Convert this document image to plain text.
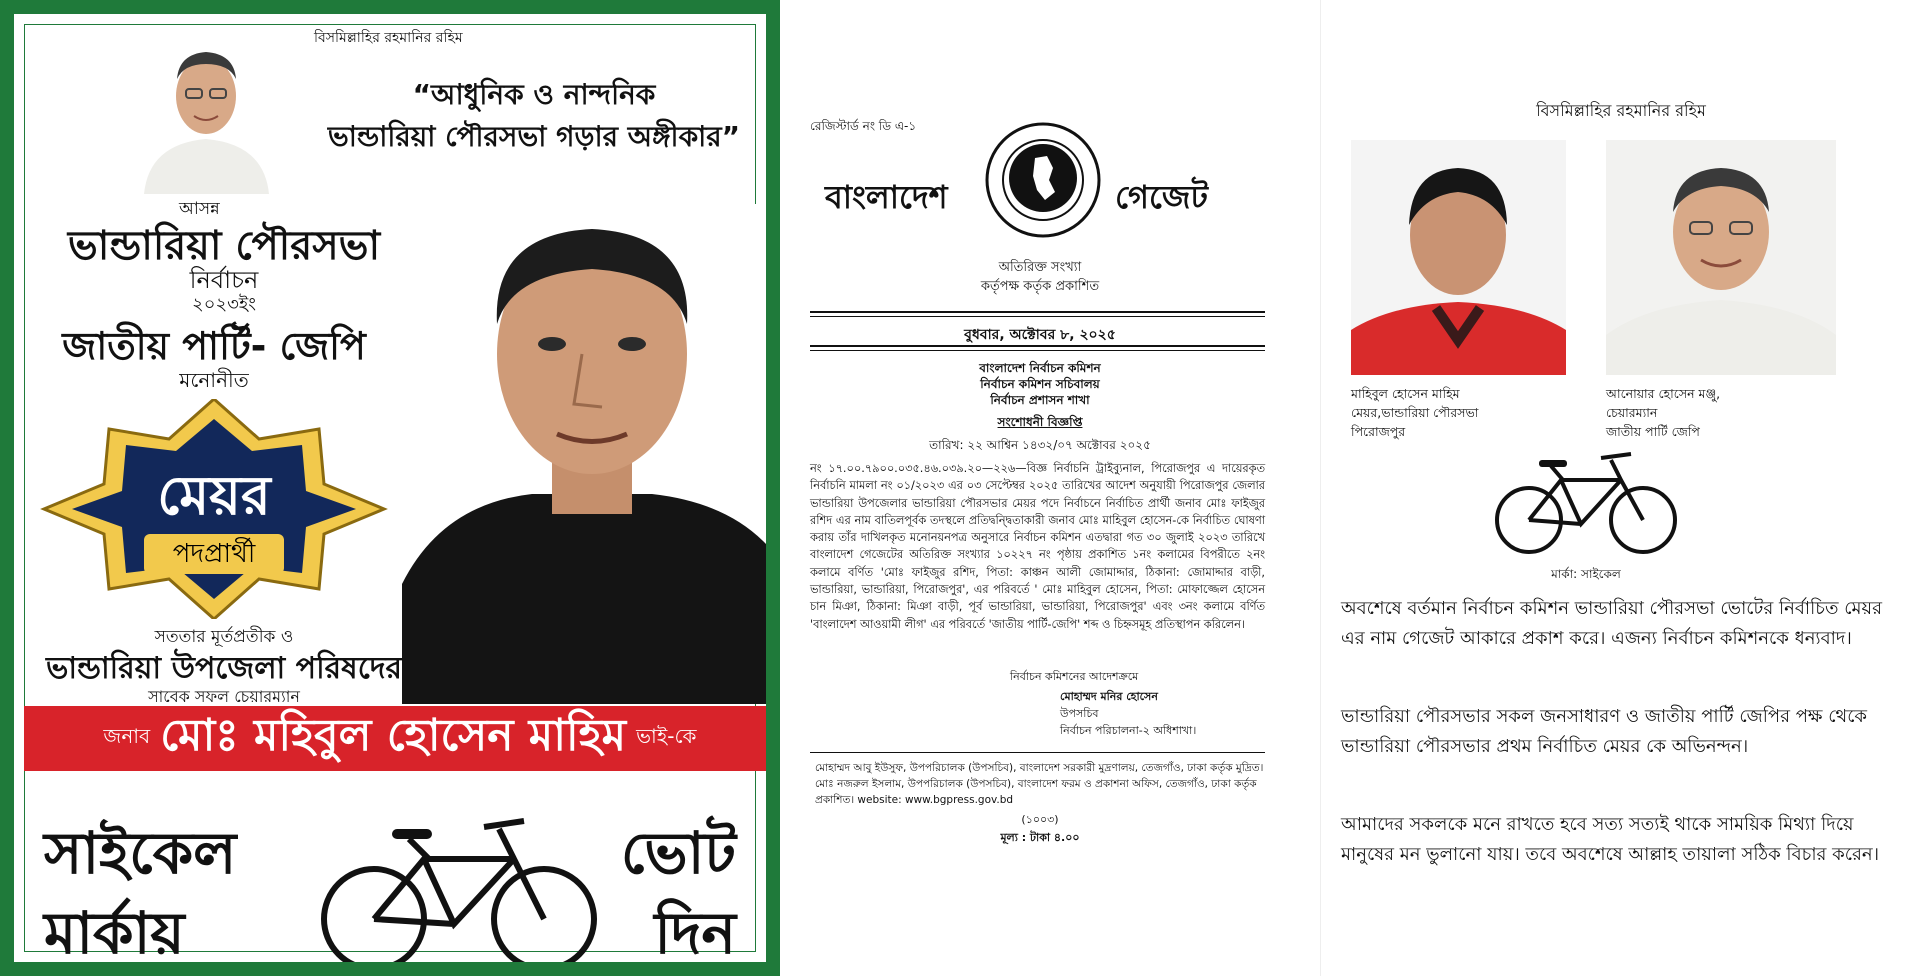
বিসমিল্লাহির রহমানির রহিম
“আধুনিক ও নান্দনিক
ভান্ডারিয়া পৌরসভা গড়ার অঙ্গীকার”
আসন্ন
ভান্ডারিয়া পৌরসভা
নির্বাচন
২০২৩ইং
জাতীয় পার্টি- জেপি
মনোনীত
মেয়র
পদপ্রার্থী
সততার মূর্তপ্রতীক ও
ভান্ডারিয়া উপজেলা পরিষদের
সাবেক সফল চেয়ারম্যান
জনাব মোঃ মহিবুল হোসেন মাহিম ভাই-কে
সাইকেল
মার্কায়
ভোট
দিন
রেজিস্টার্ড নং ডি এ-১
বাংলাদেশ	গেজেট
অতিরিক্ত সংখ্যা
কর্তৃপক্ষ কর্তৃক প্রকাশিত
বুধবার, অক্টোবর ৮, ২০২৫
বাংলাদেশ নির্বাচন কমিশন
নির্বাচন কমিশন সচিবালয়
নির্বাচন প্রশাসন শাখা
সংশোধনী বিজ্ঞপ্তি
তারিখ: ২২ আশ্বিন ১৪৩২/০৭ অক্টোবর ২০২৫
নং ১৭.০০.৭৯০০.০৩৫.৪৬.০৩৯.২০—২২৬—বিজ্ঞ নির্বাচনি ট্রাইব্যুনাল, পিরোজপুর এ দায়েরকৃত নির্বাচনি মামলা নং ০১/২০২৩ এর ০৩ সেপ্টেম্বর ২০২৫ তারিখের আদেশ অনুযায়ী পিরোজপুর জেলার ভান্ডারিয়া উপজেলার ভান্ডারিয়া পৌরসভার মেয়র পদে নির্বাচনে নির্বাচিত প্রার্থী জনাব মোঃ ফাইজুর রশিদ এর নাম বাতিলপূর্বক তদস্থলে প্রতিদ্বন্দ্বিতাকারী জনাব মোঃ মাহিবুল হোসেন-কে নির্বাচিত ঘোষণা করায় তাঁর দাখিলকৃত মনোনয়নপত্র অনুসারে নির্বাচন কমিশন এতদ্বারা গত ৩০ জুলাই ২০২৩ তারিখে বাংলাদেশ গেজেটের অতিরিক্ত সংখ্যার ১০২২৭ নং পৃষ্ঠায় প্রকাশিত ১নং কলামের বিপরীতে ২নং কলামে বর্ণিত 'মোঃ ফাইজুর রশিদ, পিতা: কাঞ্চন আলী জোমাদ্দার, ঠিকানা: জোমাদ্দার বাড়ী, ভান্ডারিয়া, ভান্ডারিয়া, পিরোজপুর', এর পরিবর্তে ' মোঃ মাহিবুল হোসেন, পিতা: মোফাজ্জেল হোসেন চান মিঞা, ঠিকানা: মিঞা বাড়ী, পূর্ব ভান্ডারিয়া, ভান্ডারিয়া, পিরোজপুর' এবং ৩নং কলামে বর্ণিত 'বাংলাদেশ আওয়ামী লীগ' এর পরিবর্তে 'জাতীয় পার্টি-জেপি' শব্দ ও চিহ্নসমূহ প্রতিস্থাপন করিলেন।
নির্বাচন কমিশনের আদেশক্রমে
মোহাম্মদ মনির হোসেন
উপসচিব
নির্বাচন পরিচালনা-২ অধিশাখা।
মোহাম্মদ আবু ইউসুফ, উপপরিচালক (উপসচিব), বাংলাদেশ সরকারী মুদ্রণালয়, তেজগাঁও, ঢাকা কর্তৃক মুদ্রিত। মোঃ নজরুল ইসলাম, উপপরিচালক (উপসচিব), বাংলাদেশ ফরম ও প্রকাশনা অফিস, তেজগাঁও, ঢাকা কর্তৃক প্রকাশিত। website: www.bgpress.gov.bd
(১০০৩)
মূল্য : টাকা ৪.০০
বিসমিল্লাহির রহমানির রহিম
মাহিবুল হোসেন মাহিম
মেয়র,ভান্ডারিয়া পৌরসভা
পিরোজপুর
আনোয়ার হোসেন মঞ্জু,
চেয়ারম্যান
জাতীয় পার্টি জেপি
মার্কা: সাইকেল
অবশেষে বর্তমান নির্বাচন কমিশন ভান্ডারিয়া পৌরসভা ভোটের নির্বাচিত মেয়র এর নাম গেজেট আকারে প্রকাশ করে। এজন্য নির্বাচন কমিশনকে ধন্যবাদ।
ভান্ডারিয়া পৌরসভার সকল জনসাধারণ ও জাতীয় পার্টি জেপির পক্ষ থেকে ভান্ডারিয়া পৌরসভার প্রথম নির্বাচিত মেয়র কে অভিনন্দন।
আমাদের সকলকে মনে রাখতে হবে সত্য সত্যই থাকে সাময়িক মিথ্যা দিয়ে মানুষের মন ভুলানো যায়। তবে অবশেষে আল্লাহ তায়ালা সঠিক বিচার করেন।
